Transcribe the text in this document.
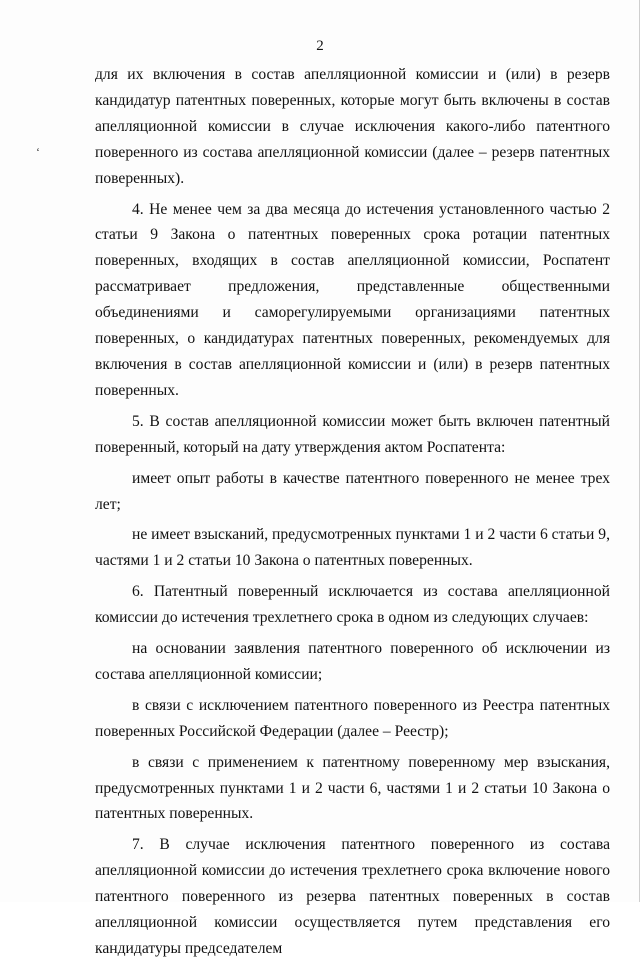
2
‘

для их включения в состав апелляционной комиссии и (или) в резерв кандидатур патентных поверенных, которые могут быть включены в состав апелляционной комиссии в случае исключения какого-либо патентного поверенного из состава апелляционной комиссии (далее – резерв патентных поверенных).

4. Не менее чем за два месяца до истечения установленного частью 2 статьи 9 Закона о патентных поверенных срока ротации патентных поверенных, входящих в состав апелляционной комиссии, Роспатент рассматривает предложения, представленные общественными объединениями и саморегулируемыми организациями патентных поверенных, о кандидатурах патентных поверенных, рекомендуемых для включения в состав апелляционной комиссии и (или) в резерв патентных поверенных.

5. В состав апелляционной комиссии может быть включен патентный поверенный, который на дату утверждения актом Роспатента:

имеет опыт работы в качестве патентного поверенного не менее трех лет;

не имеет взысканий, предусмотренных пунктами 1 и 2 части 6 статьи 9, частями 1 и 2 статьи 10 Закона о патентных поверенных.

6. Патентный поверенный исключается из состава апелляционной комиссии до истечения трехлетнего срока в одном из следующих случаев:

на основании заявления патентного поверенного об исключении из состава апелляционной комиссии;

в связи с исключением патентного поверенного из Реестра патентных поверенных Российской Федерации (далее – Реестр);

в связи с применением к патентному поверенному мер взыскания, предусмотренных пунктами 1 и 2 части 6, частями 1 и 2 статьи 10 Закона о патентных поверенных.

7. В случае исключения патентного поверенного из состава апелляционной комиссии до истечения трехлетнего срока включение нового патентного поверенного из резерва патентных поверенных в состав апелляционной комиссии осуществляется путем представления его кандидатуры председателем
